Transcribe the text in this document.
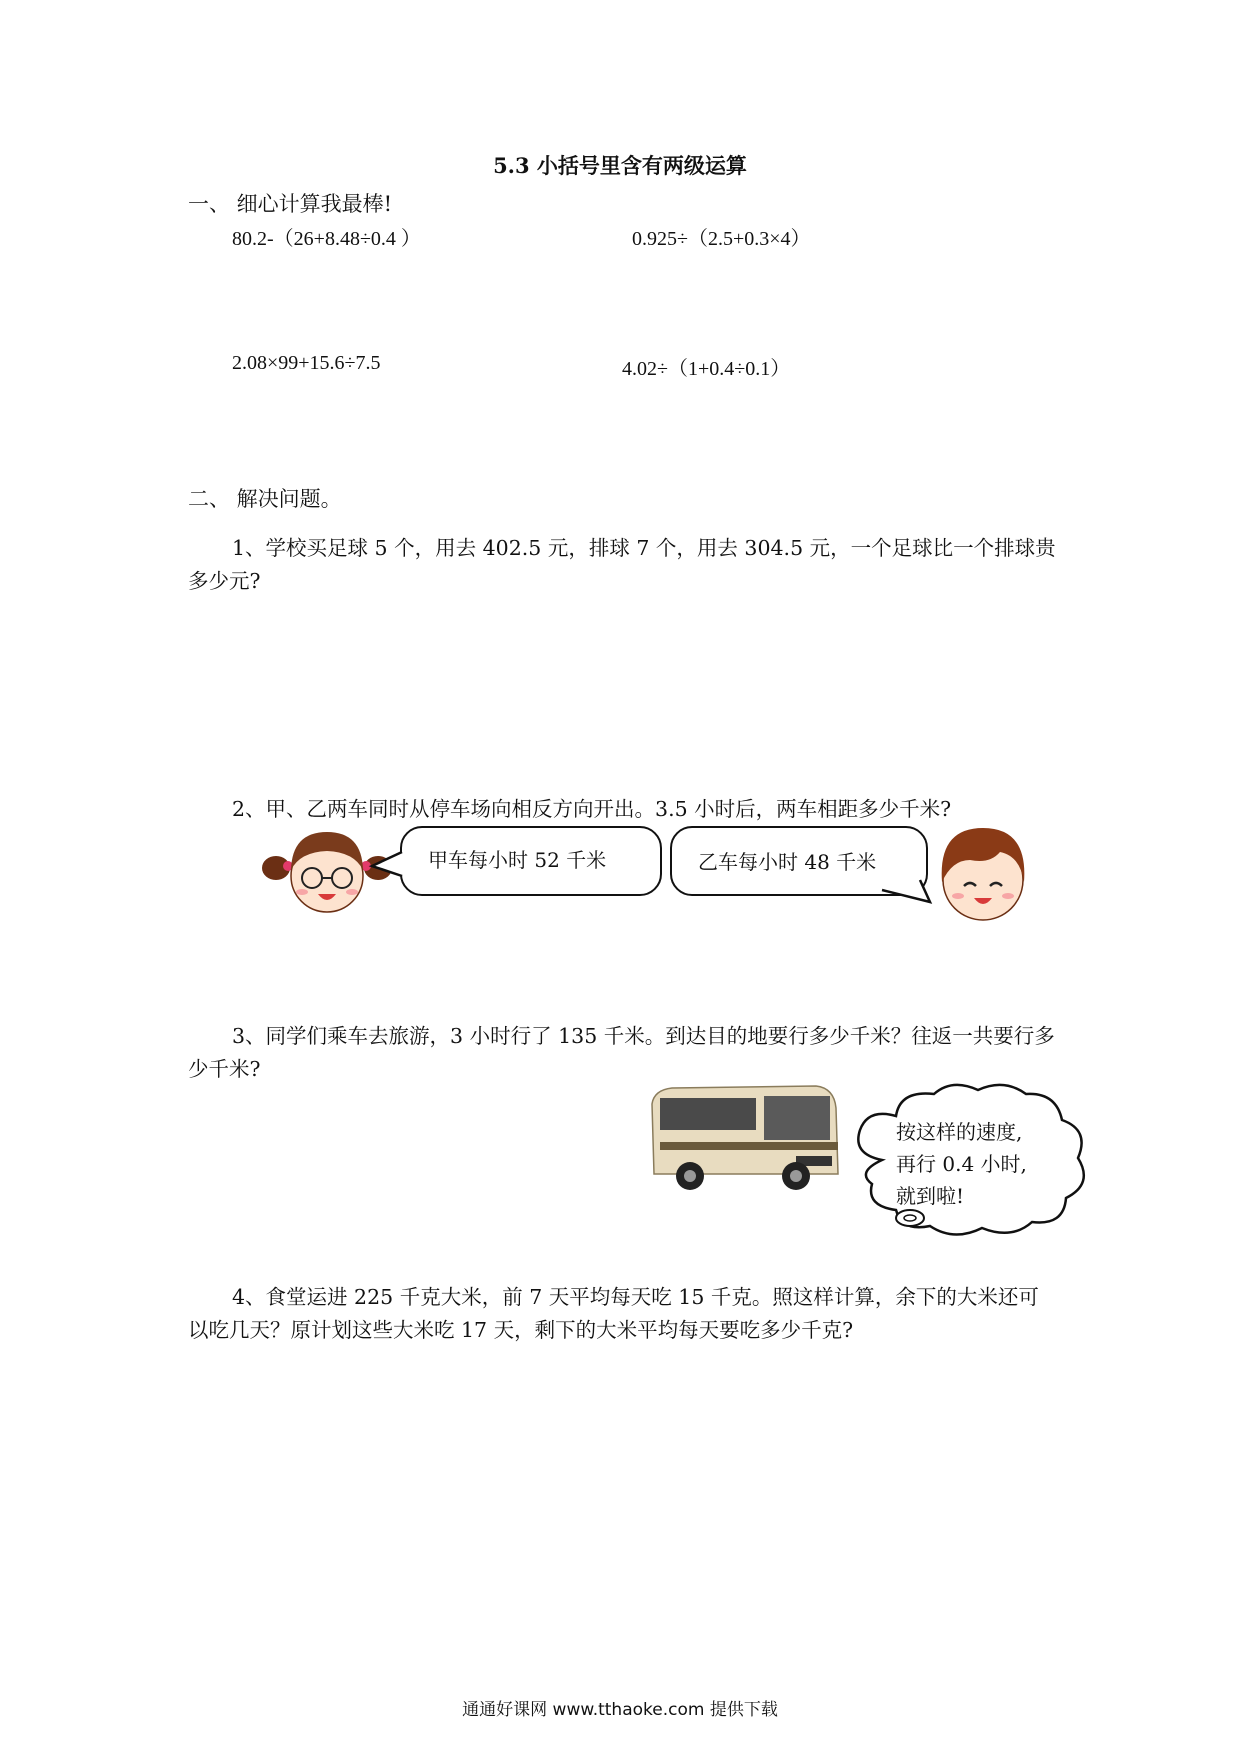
5.3 小括号里含有两级运算
一、 细心计算我最棒!
80.2-（26+8.48÷0.4 ）	0.925÷（2.5+0.3×4）
2.08×99+15.6÷7.5	4.02÷（1+0.4÷0.1）
二、 解决问题。
1、学校买足球 5 个，用去 402.5 元，排球 7 个，用去 304.5 元，一个足球比一个排球贵多少元?
2、甲、乙两车同时从停车场向相反方向开出。3.5 小时后，两车相距多少千米?
甲车每小时 52 千米	乙车每小时 48 千米
3、同学们乘车去旅游，3 小时行了 135 千米。到达目的地要行多少千米？往返一共要行多少千米?
按这样的速度,
再行 0.4 小时,
就到啦!
4、食堂运进 225 千克大米，前 7 天平均每天吃 15 千克。照这样计算，余下的大米还可以吃几天？原计划这些大米吃 17 天，剩下的大米平均每天要吃多少千克?
通通好课网 www.tthaoke.com 提供下载
